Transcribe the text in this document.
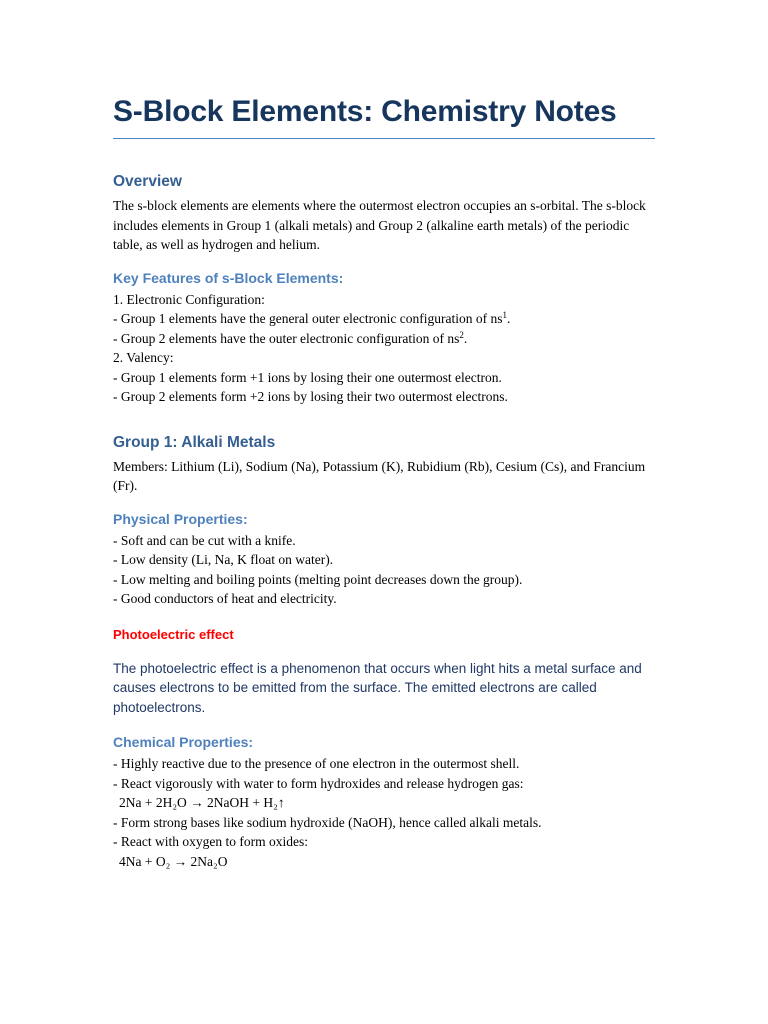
S-Block Elements: Chemistry Notes
Overview

The s-block elements are elements where the outermost electron occupies an s-orbital. The s-block includes elements in Group 1 (alkali metals) and Group 2 (alkaline earth metals) of the periodic table, as well as hydrogen and helium.

Key Features of s-Block Elements:
1. Electronic Configuration:
- Group 1 elements have the general outer electronic configuration of $ns^1$.
- Group 2 elements have the outer electronic configuration of $ns^2$.
2. Valency:
- Group 1 elements form +1 ions by losing their one outermost electron.
- Group 2 elements form +2 ions by losing their two outermost electrons.
Group 1: Alkali Metals

Members: Lithium (Li), Sodium (Na), Potassium (K), Rubidium (Rb), Cesium (Cs), and Francium (Fr).

Physical Properties:
- Soft and can be cut with a knife.
- Low density (Li, Na, K float on water).
- Low melting and boiling points (melting point decreases down the group).
- Good conductors of heat and electricity.
Photoelectric effect
The photoelectric effect is a phenomenon that occurs when light hits a metal surface and causes electrons to be emitted from the surface. The emitted electrons are called photoelectrons.
Chemical Properties:
- Highly reactive due to the presence of one electron in the outermost shell.
- React vigorously with water to form hydroxides and release hydrogen gas:
2Na + 2H₂O → 2NaOH + H₂↑
- Form strong bases like sodium hydroxide (NaOH), hence called alkali metals.
- React with oxygen to form oxides:
4Na + O₂ → 2Na₂O
